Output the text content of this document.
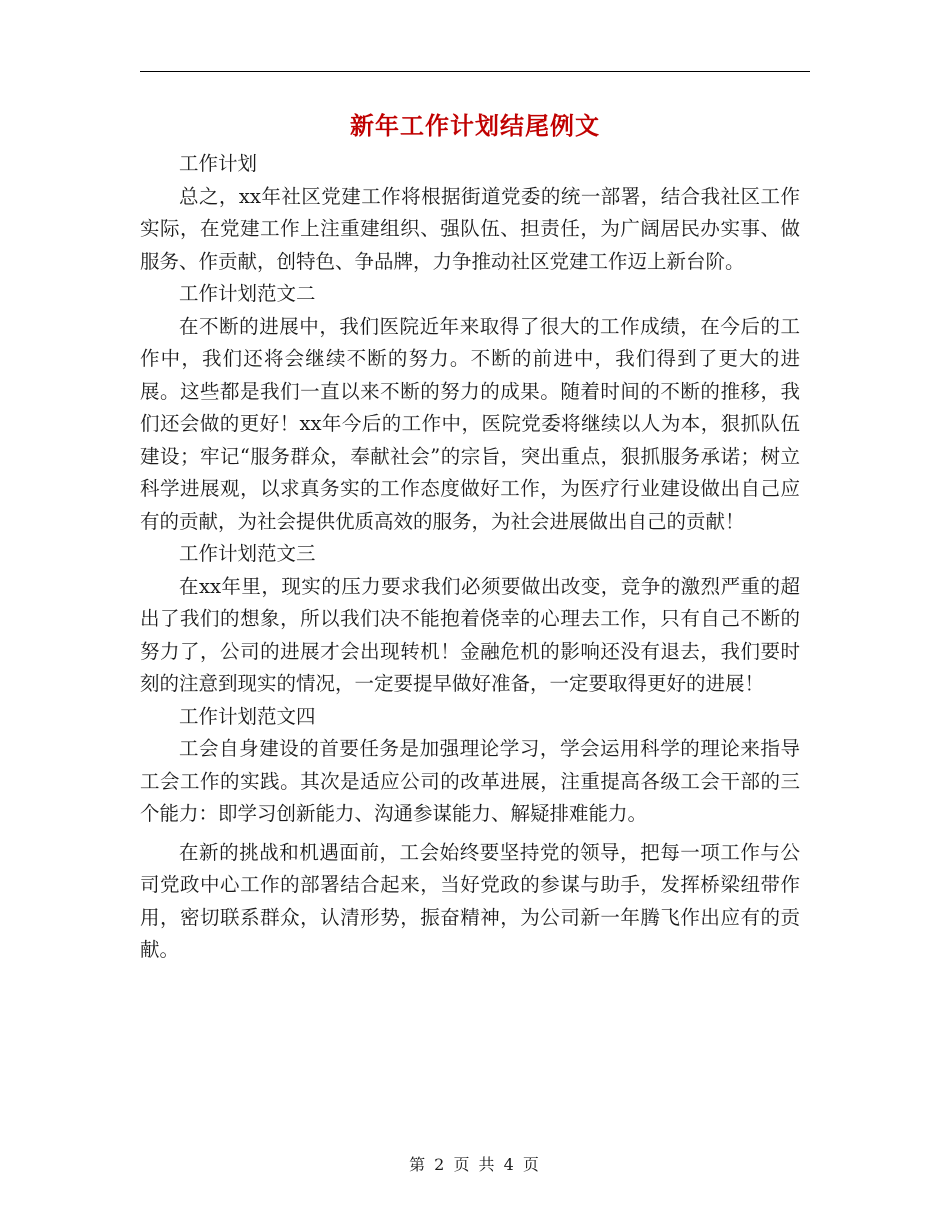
新年工作计划结尾例文

工作计划

总之，xx年社区党建工作将根据街道党委的统一部署，结合我社区工作实际，在党建工作上注重建组织、强队伍、担责任，为广阔居民办实事、做服务、作贡献，创特色、争品牌，力争推动社区党建工作迈上新台阶。

工作计划范文二

在不断的进展中，我们医院近年来取得了很大的工作成绩，在今后的工作中，我们还将会继续不断的努力。不断的前进中，我们得到了更大的进展。这些都是我们一直以来不断的努力的成果。随着时间的不断的推移，我们还会做的更好！xx年今后的工作中，医院党委将继续以人为本，狠抓队伍建设；牢记“服务群众，奉献社会”的宗旨，突出重点，狠抓服务承诺；树立科学进展观，以求真务实的工作态度做好工作，为医疗行业建设做出自己应有的贡献，为社会提供优质高效的服务，为社会进展做出自己的贡献！

工作计划范文三

在xx年里，现实的压力要求我们必须要做出改变，竞争的激烈严重的超出了我们的想象，所以我们决不能抱着侥幸的心理去工作，只有自己不断的努力了，公司的进展才会出现转机！金融危机的影响还没有退去，我们要时刻的注意到现实的情况，一定要提早做好准备，一定要取得更好的进展！

工作计划范文四

工会自身建设的首要任务是加强理论学习，学会运用科学的理论来指导工会工作的实践。其次是适应公司的改革进展，注重提高各级工会干部的三个能力：即学习创新能力、沟通参谋能力、解疑排难能力。

在新的挑战和机遇面前，工会始终要坚持党的领导，把每一项工作与公司党政中心工作的部署结合起来，当好党政的参谋与助手，发挥桥梁纽带作用，密切联系群众，认清形势，振奋精神，为公司新一年腾飞作出应有的贡献。

第 2 页 共 4 页
